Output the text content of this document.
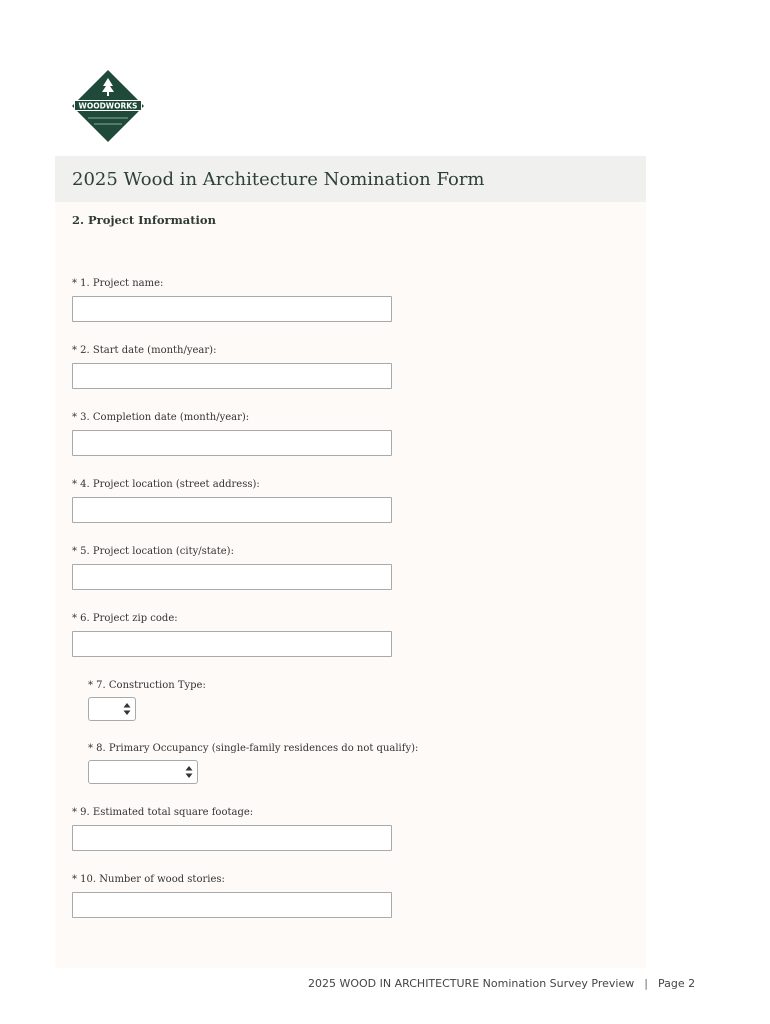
WOODWORKS
2025 Wood in Architecture Nomination Form
2. Project Information
* 1. Project name:
* 2. Start date (month/year):
* 3. Completion date (month/year):
* 4. Project location (street address):
* 5. Project location (city/state):
* 6. Project zip code:
* 7. Construction Type:
* 8. Primary Occupancy (single-family residences do not qualify):
* 9. Estimated total square footage:
* 10. Number of wood stories:
2025 WOOD IN ARCHITECTURE Nomination Survey Preview | Page 2
